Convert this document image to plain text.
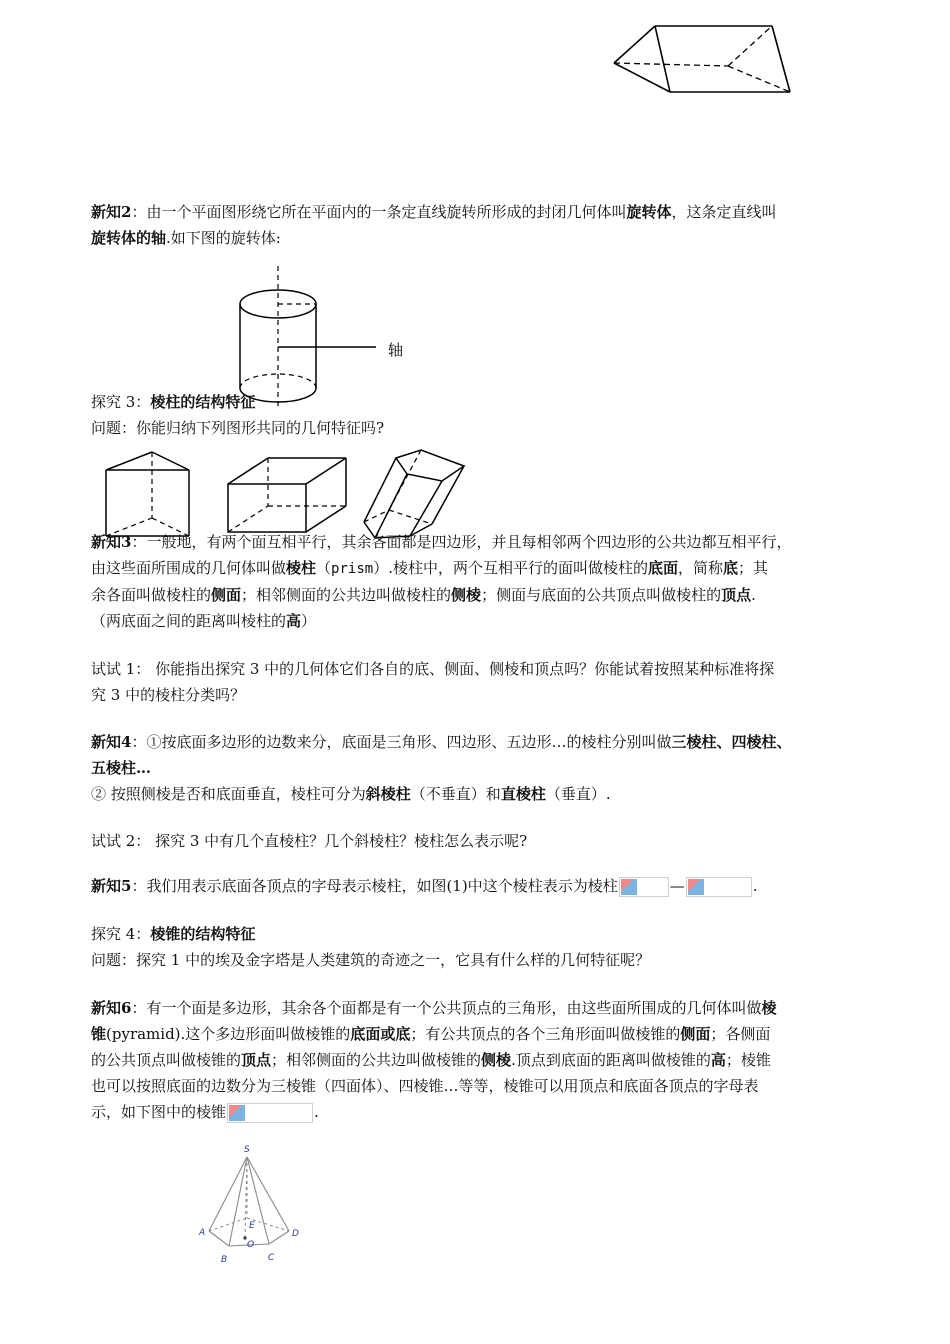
新知2：由一个平面图形绕它所在平面内的一条定直线旋转所形成的封闭几何体叫旋转体，这条定直线叫
旋转体的轴.如下图的旋转体:
轴
探究 3：棱柱的结构特征
问题：你能归纳下列图形共同的几何特征吗?
新知3：一般地，有两个面互相平行，其余各面都是四边形，并且每相邻两个四边形的公共边都互相平行，
由这些面所围成的几何体叫做棱柱（prism）.棱柱中，两个互相平行的面叫做棱柱的底面，简称底；其
余各面叫做棱柱的侧面；相邻侧面的公共边叫做棱柱的侧棱；侧面与底面的公共顶点叫做棱柱的顶点.
（两底面之间的距离叫棱柱的高）
试试 1： 你能指出探究 3 中的几何体它们各自的底、侧面、侧棱和顶点吗？你能试着按照某种标准将探
究 3 中的棱柱分类吗？
新知4：①按底面多边形的边数来分，底面是三角形、四边形、五边形…的棱柱分别叫做三棱柱、四棱柱、
五棱柱…
② 按照侧棱是否和底面垂直，棱柱可分为斜棱柱（不垂直）和直棱柱（垂直）.
试试 2： 探究 3 中有几个直棱柱？几个斜棱柱？棱柱怎么表示呢?
新知5：我们用表示底面各顶点的字母表示棱柱，如图(1)中这个棱柱表示为棱柱	—	.
探究 4：棱锥的结构特征
问题：探究 1 中的埃及金字塔是人类建筑的奇迹之一，它具有什么样的几何特征呢？
新知6：有一个面是多边形，其余各个面都是有一个公共顶点的三角形，由这些面所围成的几何体叫做棱
锥(pyramid).这个多边形面叫做棱锥的底面或底；有公共顶点的各个三角形面叫做棱锥的侧面；各侧面
的公共顶点叫做棱锥的顶点；相邻侧面的公共边叫做棱锥的侧棱.顶点到底面的距离叫做棱锥的高；棱锥
也可以按照底面的边数分为三棱锥（四面体）、四棱锥…等等，棱锥可以用顶点和底面各顶点的字母表
示，如下图中的棱锥	.
S
A
B	C
D
E
O
